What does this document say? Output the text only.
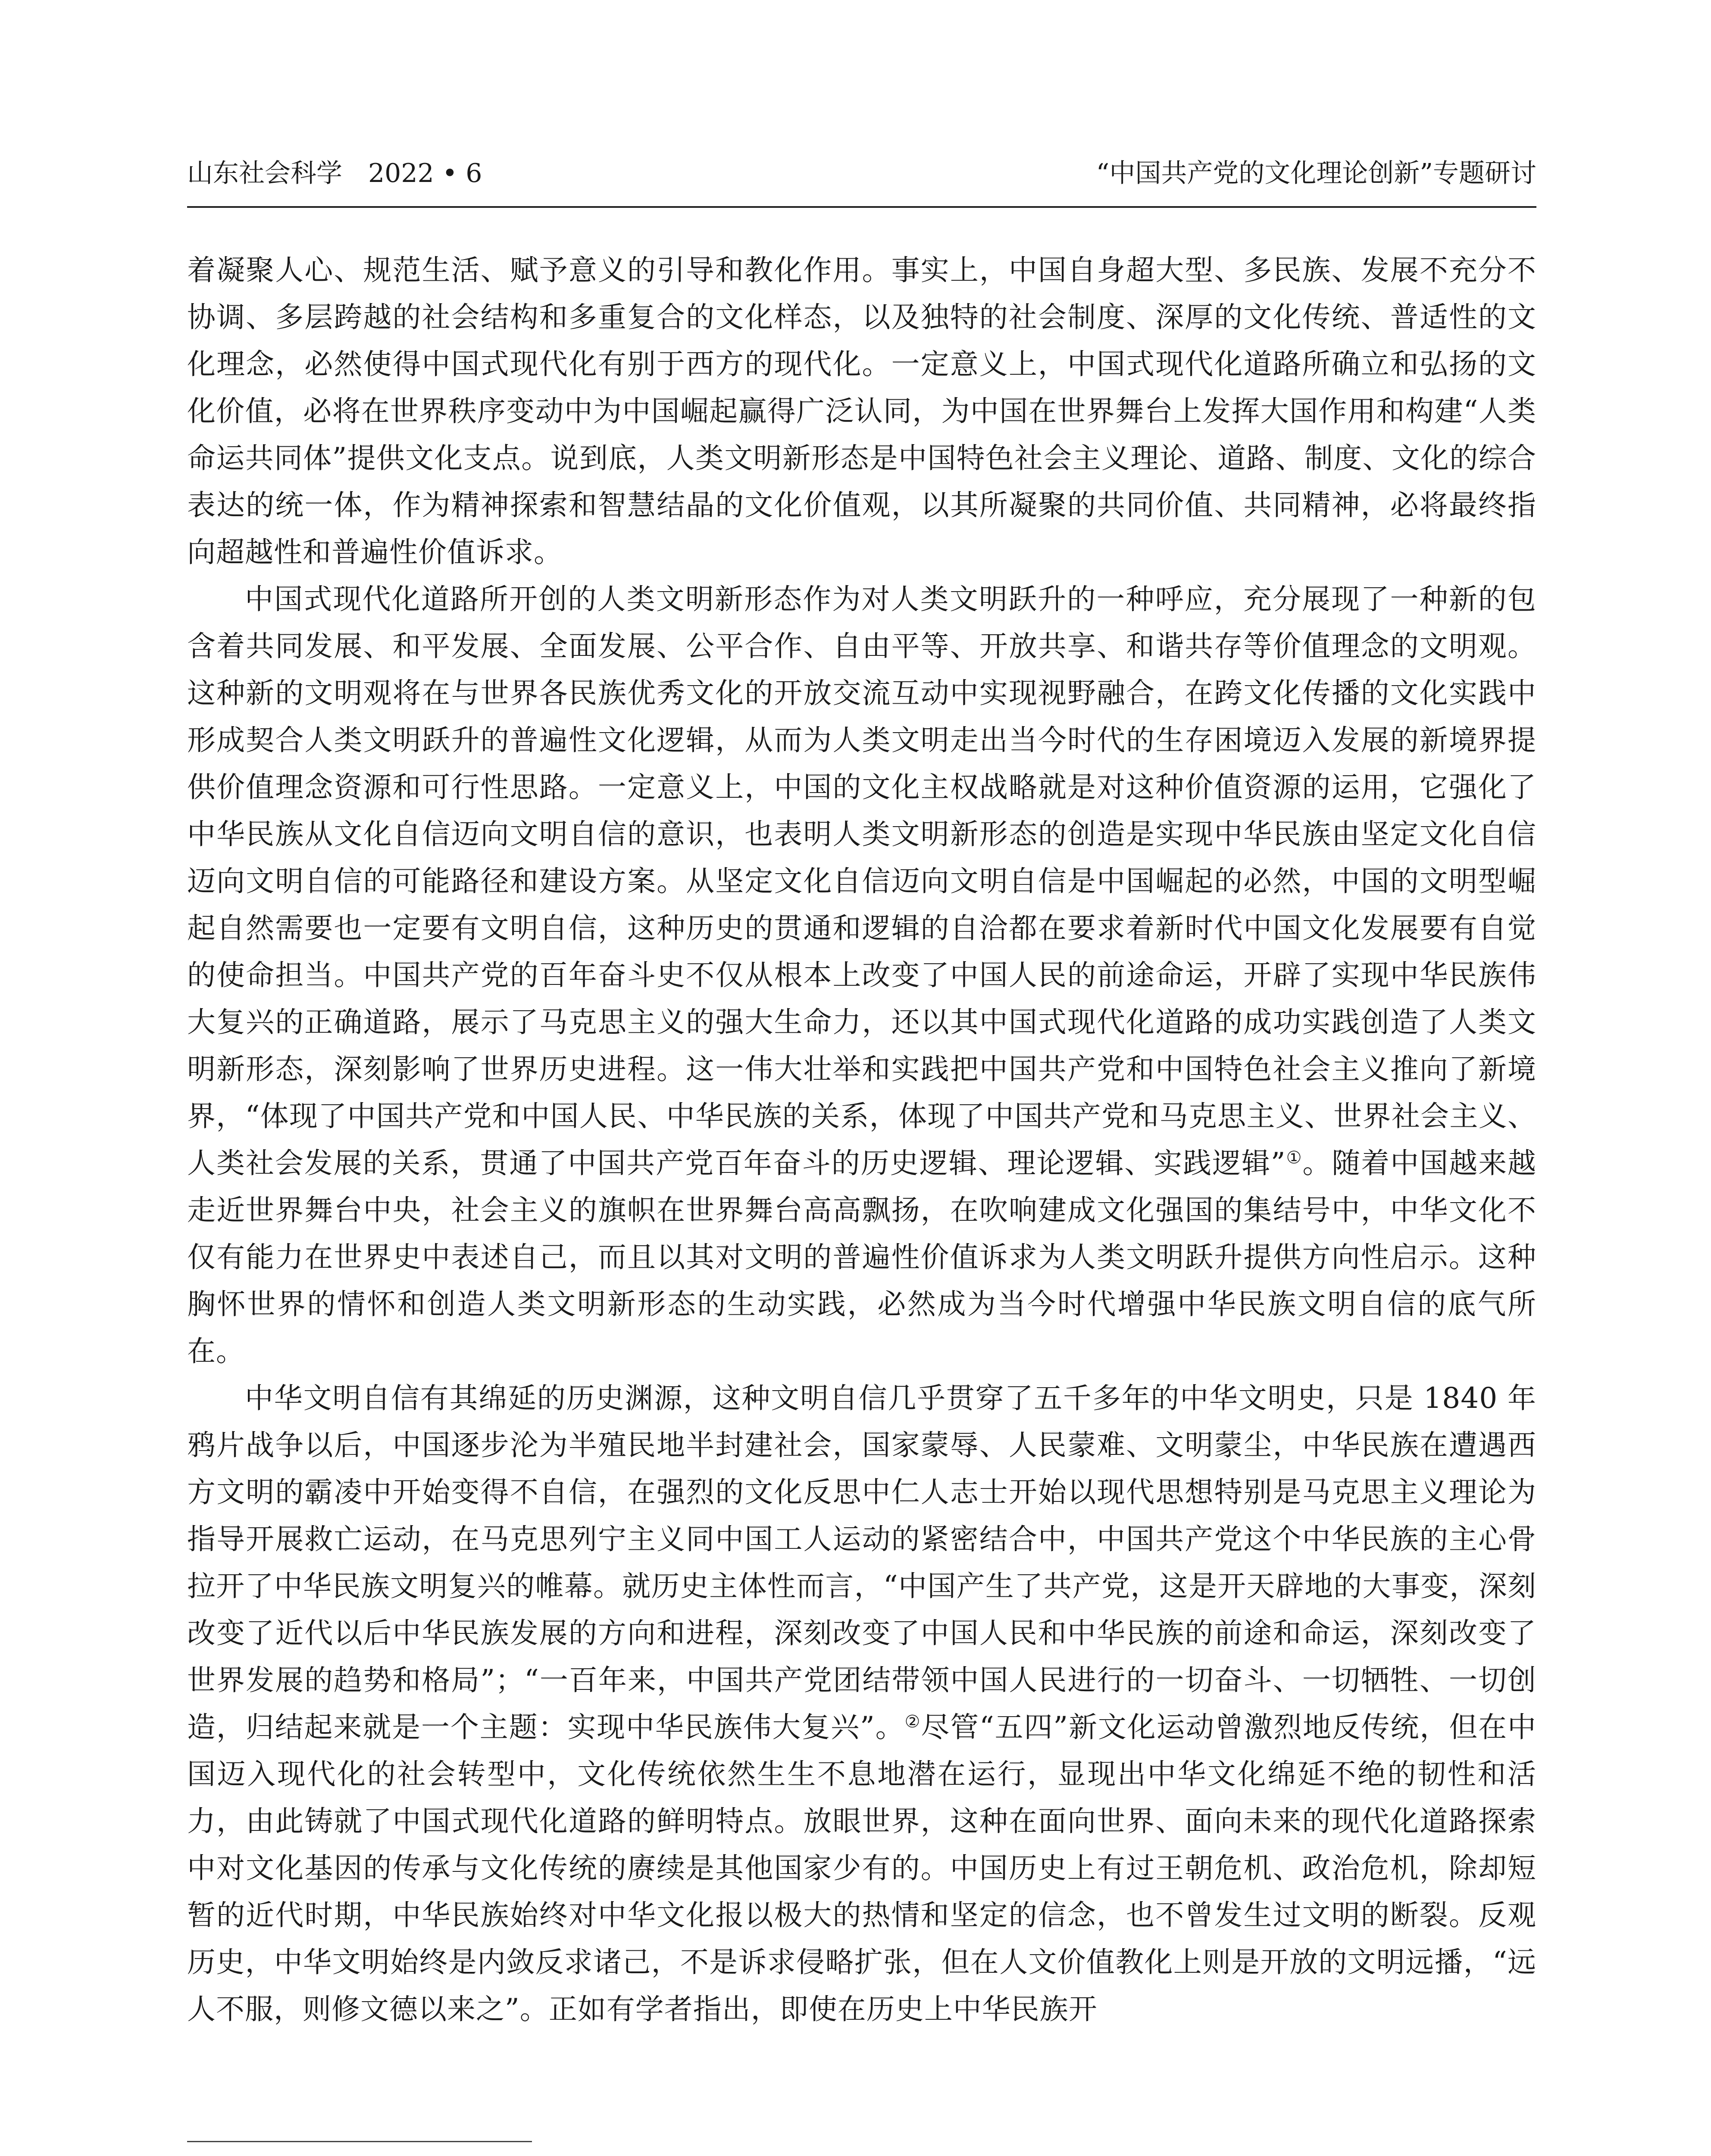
山东社会科学　2022 • 6	“中国共产党的文化理论创新”专题研讨

着凝聚人心、规范生活、赋予意义的引导和教化作用。事实上，中国自身超大型、多民族、发展不充分不协调、多层跨越的社会结构和多重复合的文化样态，以及独特的社会制度、深厚的文化传统、普适性的文化理念，必然使得中国式现代化有别于西方的现代化。一定意义上，中国式现代化道路所确立和弘扬的文化价值，必将在世界秩序变动中为中国崛起赢得广泛认同，为中国在世界舞台上发挥大国作用和构建“人类命运共同体”提供文化支点。说到底，人类文明新形态是中国特色社会主义理论、道路、制度、文化的综合表达的统一体，作为精神探索和智慧结晶的文化价值观，以其所凝聚的共同价值、共同精神，必将最终指向超越性和普遍性价值诉求。

中国式现代化道路所开创的人类文明新形态作为对人类文明跃升的一种呼应，充分展现了一种新的包含着共同发展、和平发展、全面发展、公平合作、自由平等、开放共享、和谐共存等价值理念的文明观。这种新的文明观将在与世界各民族优秀文化的开放交流互动中实现视野融合，在跨文化传播的文化实践中形成契合人类文明跃升的普遍性文化逻辑，从而为人类文明走出当今时代的生存困境迈入发展的新境界提供价值理念资源和可行性思路。一定意义上，中国的文化主权战略就是对这种价值资源的运用，它强化了中华民族从文化自信迈向文明自信的意识，也表明人类文明新形态的创造是实现中华民族由坚定文化自信迈向文明自信的可能路径和建设方案。从坚定文化自信迈向文明自信是中国崛起的必然，中国的文明型崛起自然需要也一定要有文明自信，这种历史的贯通和逻辑的自洽都在要求着新时代中国文化发展要有自觉的使命担当。中国共产党的百年奋斗史不仅从根本上改变了中国人民的前途命运，开辟了实现中华民族伟大复兴的正确道路，展示了马克思主义的强大生命力，还以其中国式现代化道路的成功实践创造了人类文明新形态，深刻影响了世界历史进程。这一伟大壮举和实践把中国共产党和中国特色社会主义推向了新境界，“体现了中国共产党和中国人民、中华民族的关系，体现了中国共产党和马克思主义、世界社会主义、人类社会发展的关系，贯通了中国共产党百年奋斗的历史逻辑、理论逻辑、实践逻辑”①。随着中国越来越走近世界舞台中央，社会主义的旗帜在世界舞台高高飘扬，在吹响建成文化强国的集结号中，中华文化不仅有能力在世界史中表述自己，而且以其对文明的普遍性价值诉求为人类文明跃升提供方向性启示。这种胸怀世界的情怀和创造人类文明新形态的生动实践，必然成为当今时代增强中华民族文明自信的底气所在。

中华文明自信有其绵延的历史渊源，这种文明自信几乎贯穿了五千多年的中华文明史，只是 1840 年鸦片战争以后，中国逐步沦为半殖民地半封建社会，国家蒙辱、人民蒙难、文明蒙尘，中华民族在遭遇西方文明的霸凌中开始变得不自信，在强烈的文化反思中仁人志士开始以现代思想特别是马克思主义理论为指导开展救亡运动，在马克思列宁主义同中国工人运动的紧密结合中，中国共产党这个中华民族的主心骨拉开了中华民族文明复兴的帷幕。就历史主体性而言，“中国产生了共产党，这是开天辟地的大事变，深刻改变了近代以后中华民族发展的方向和进程，深刻改变了中国人民和中华民族的前途和命运，深刻改变了世界发展的趋势和格局”；“一百年来，中国共产党团结带领中国人民进行的一切奋斗、一切牺牲、一切创造，归结起来就是一个主题：实现中华民族伟大复兴”。②尽管“五四”新文化运动曾激烈地反传统，但在中国迈入现代化的社会转型中，文化传统依然生生不息地潜在运行，显现出中华文化绵延不绝的韧性和活力，由此铸就了中国式现代化道路的鲜明特点。放眼世界，这种在面向世界、面向未来的现代化道路探索中对文化基因的传承与文化传统的赓续是其他国家少有的。中国历史上有过王朝危机、政治危机，除却短暂的近代时期，中华民族始终对中华文化报以极大的热情和坚定的信念，也不曾发生过文明的断裂。反观历史，中华文明始终是内敛反求诸己，不是诉求侵略扩张，但在人文价值教化上则是开放的文明远播，“远人不服，则修文德以来之”。正如有学者指出，即使在历史上中华民族开
